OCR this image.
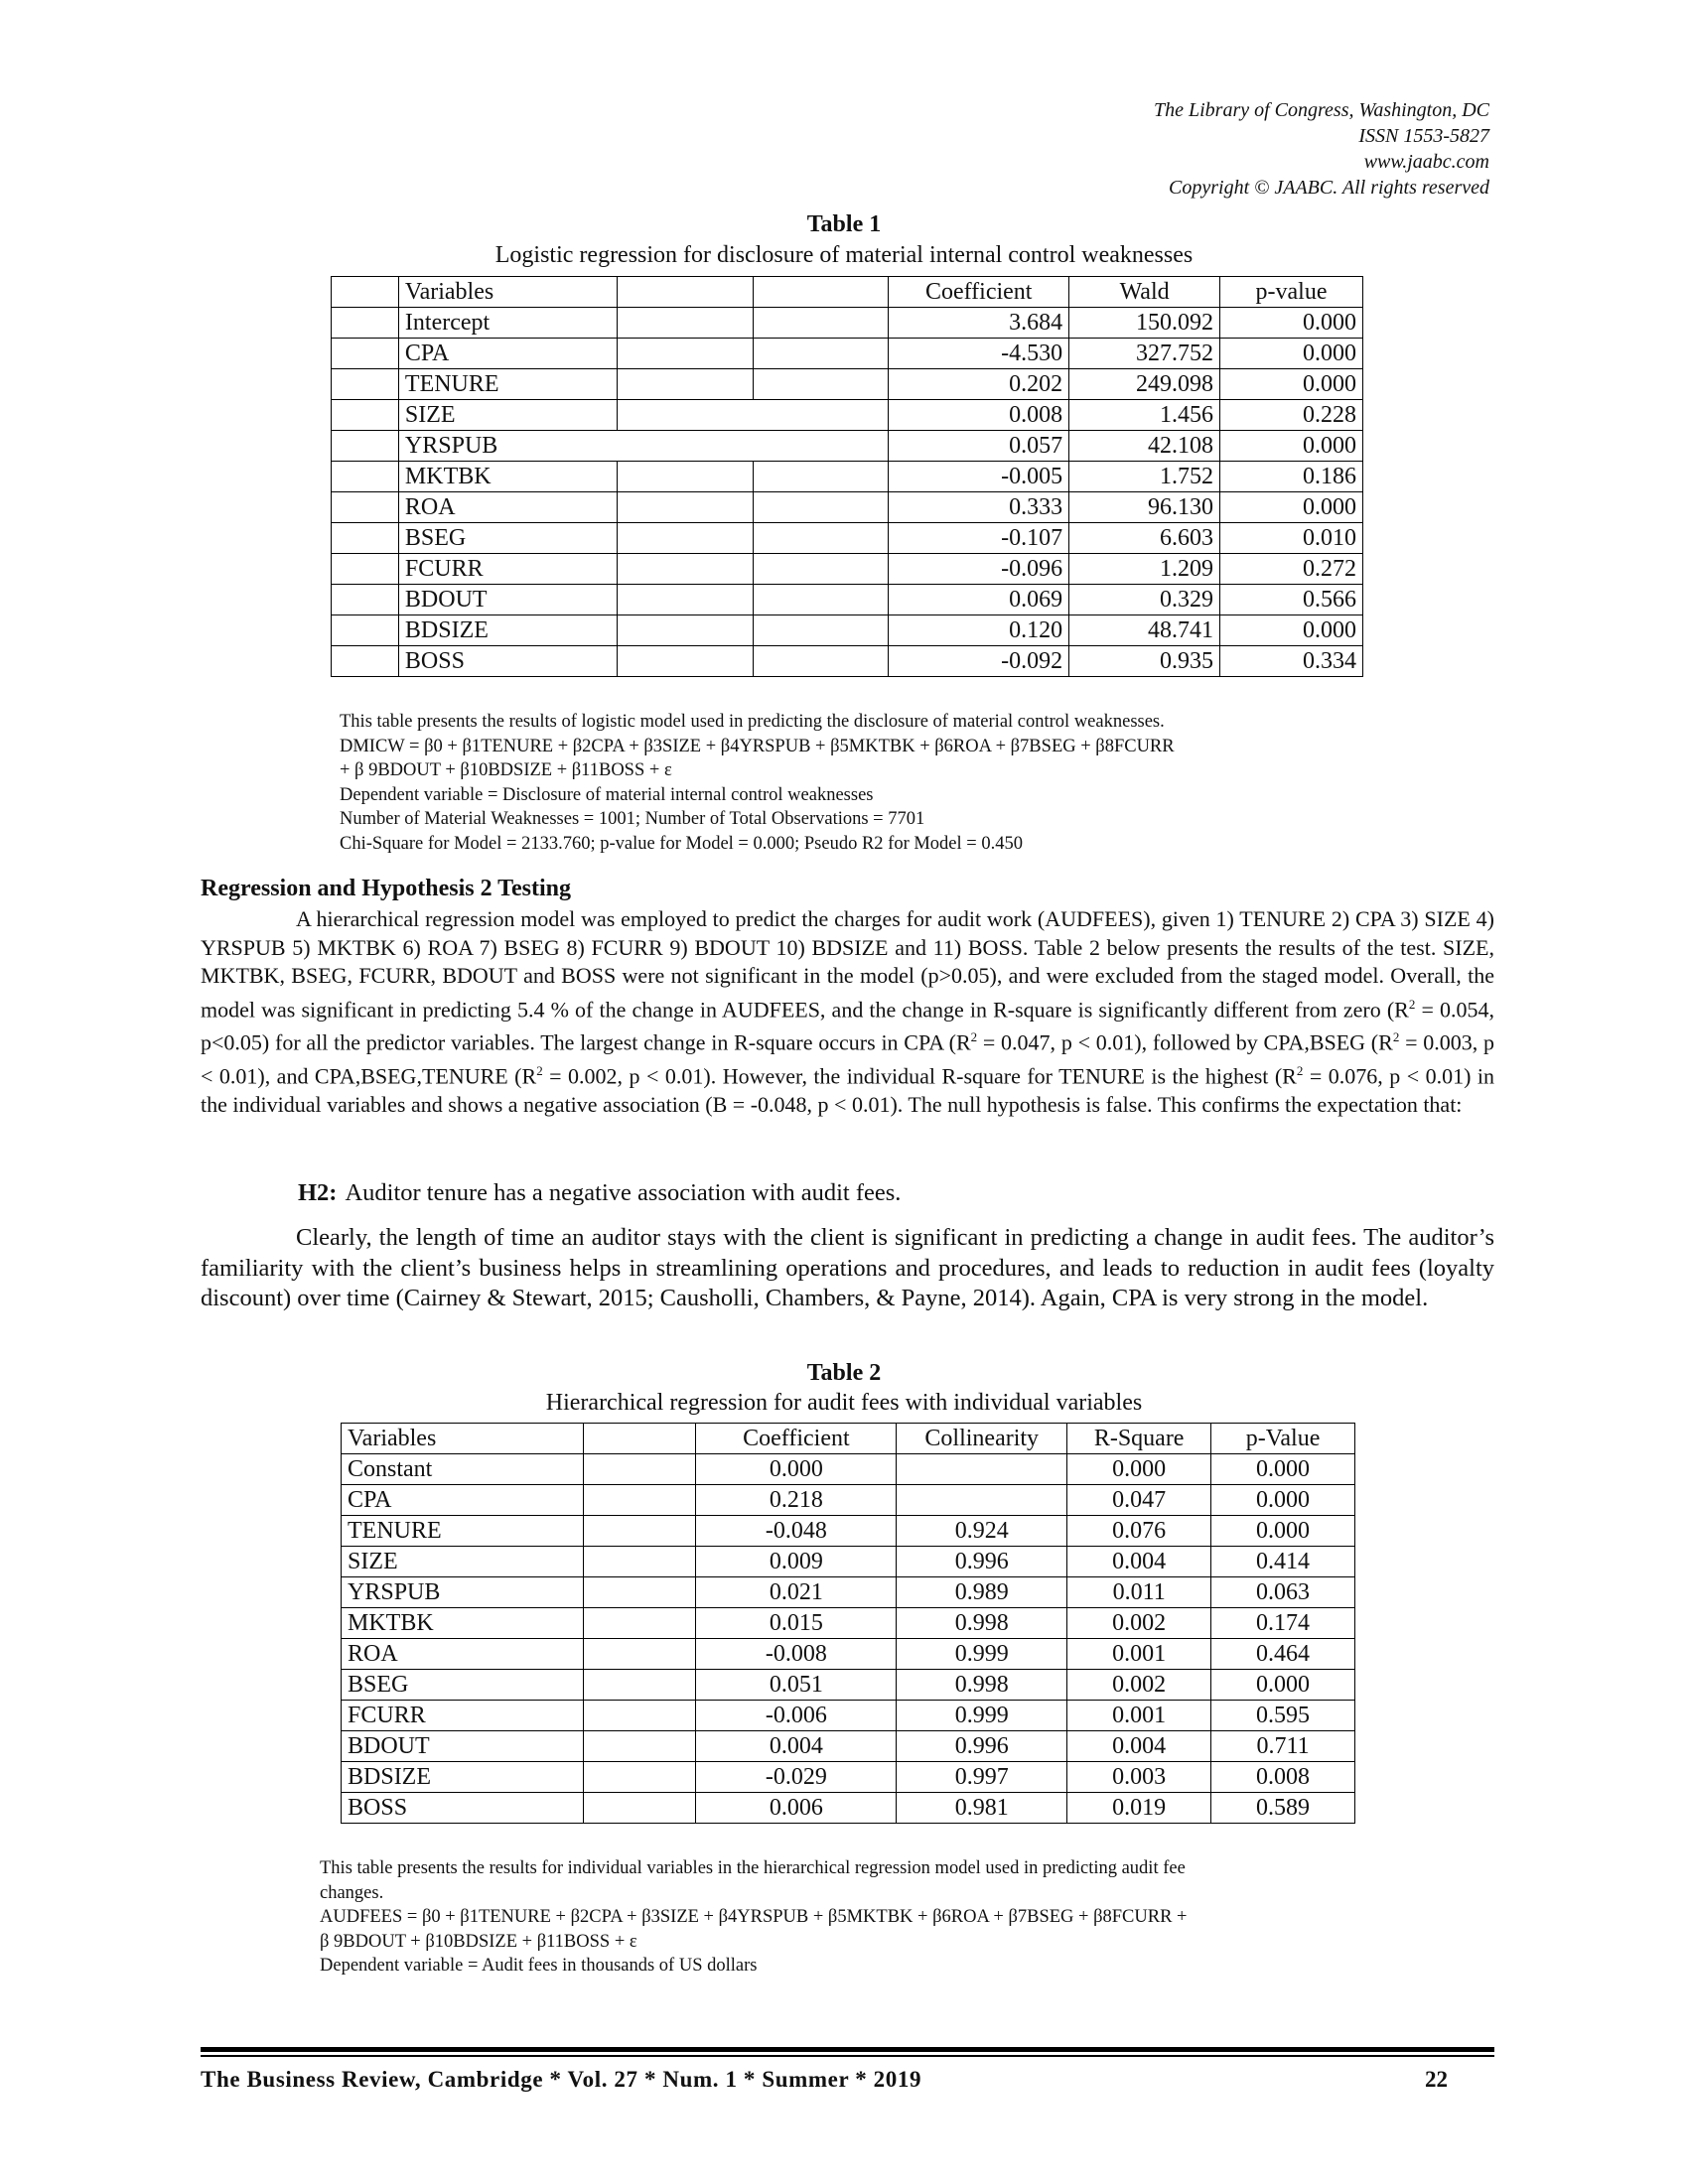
The Library of Congress, Washington, DC
ISSN 1553-5827
www.jaabc.com
Copyright © JAABC. All rights reserved
Table 1
Logistic regression for disclosure of material internal control weaknesses
	Variables			Coefficient	Wald	p-value
	Intercept			3.684	150.092	0.000
	CPA			-4.530	327.752	0.000
	TENURE			0.202	249.098	0.000
	SIZE			0.008	1.456	0.228
	YRSPUB			0.057	42.108	0.000
	MKTBK			-0.005	1.752	0.186
	ROA			0.333	96.130	0.000
	BSEG			-0.107	6.603	0.010
	FCURR			-0.096	1.209	0.272
	BDOUT			0.069	0.329	0.566
	BDSIZE			0.120	48.741	0.000
	BOSS			-0.092	0.935	0.334
This table presents the results of logistic model used in predicting the disclosure of material control weaknesses.
DMICW = β0 + β1TENURE + β2CPA + β3SIZE + β4YRSPUB + β5MKTBK + β6ROA + β7BSEG + β8FCURR
+ β 9BDOUT + β10BDSIZE + β11BOSS + ε
Dependent variable = Disclosure of material internal control weaknesses
Number of Material Weaknesses = 1001; Number of Total Observations = 7701
Chi-Square for Model = 2133.760; p-value for Model = 0.000; Pseudo R2 for Model = 0.450
Regression and Hypothesis 2 Testing
A hierarchical regression model was employed to predict the charges for audit work (AUDFEES), given 1) TENURE 2) CPA 3) SIZE 4) YRSPUB 5) MKTBK 6) ROA 7) BSEG 8) FCURR 9) BDOUT 10) BDSIZE and 11) BOSS. Table 2 below presents the results of the test. SIZE, MKTBK, BSEG, FCURR, BDOUT and BOSS were not significant in the model (p>0.05), and were excluded from the staged model. Overall, the model was significant in predicting 5.4 % of the change in AUDFEES, and the change in R-square is significantly different from zero ($R^2 = 0.054$, p<0.05) for all the predictor variables. The largest change in R-square occurs in CPA ($R^2 = 0.047$, p < 0.01), followed by CPA,BSEG ($R^2 = 0.003$, p < 0.01), and CPA,BSEG,TENURE ($R^2 = 0.002$, p < 0.01). However, the individual R-square for TENURE is the highest ($R^2 = 0.076$, p < 0.01) in the individual variables and shows a negative association (B = -0.048, p < 0.01). The null hypothesis is false. This confirms the expectation that:
H2: Auditor tenure has a negative association with audit fees.
Clearly, the length of time an auditor stays with the client is significant in predicting a change in audit fees. The auditor’s familiarity with the client’s business helps in streamlining operations and procedures, and leads to reduction in audit fees (loyalty discount) over time (Cairney & Stewart, 2015; Causholli, Chambers, & Payne, 2014). Again, CPA is very strong in the model.
Table 2
Hierarchical regression for audit fees with individual variables
Variables		Coefficient	Collinearity	R-Square	p-Value
Constant		0.000		0.000	0.000
CPA		0.218		0.047	0.000
TENURE		-0.048	0.924	0.076	0.000
SIZE		0.009	0.996	0.004	0.414
YRSPUB		0.021	0.989	0.011	0.063
MKTBK		0.015	0.998	0.002	0.174
ROA		-0.008	0.999	0.001	0.464
BSEG		0.051	0.998	0.002	0.000
FCURR		-0.006	0.999	0.001	0.595
BDOUT		0.004	0.996	0.004	0.711
BDSIZE		-0.029	0.997	0.003	0.008
BOSS		0.006	0.981	0.019	0.589
This table presents the results for individual variables in the hierarchical regression model used in predicting audit fee
changes.
AUDFEES = β0 + β1TENURE + β2CPA + β3SIZE + β4YRSPUB + β5MKTBK + β6ROA + β7BSEG + β8FCURR +
β 9BDOUT + β10BDSIZE + β11BOSS + ε
Dependent variable = Audit fees in thousands of US dollars
The Business Review, Cambridge * Vol. 27 * Num. 1 * Summer * 2019	22
